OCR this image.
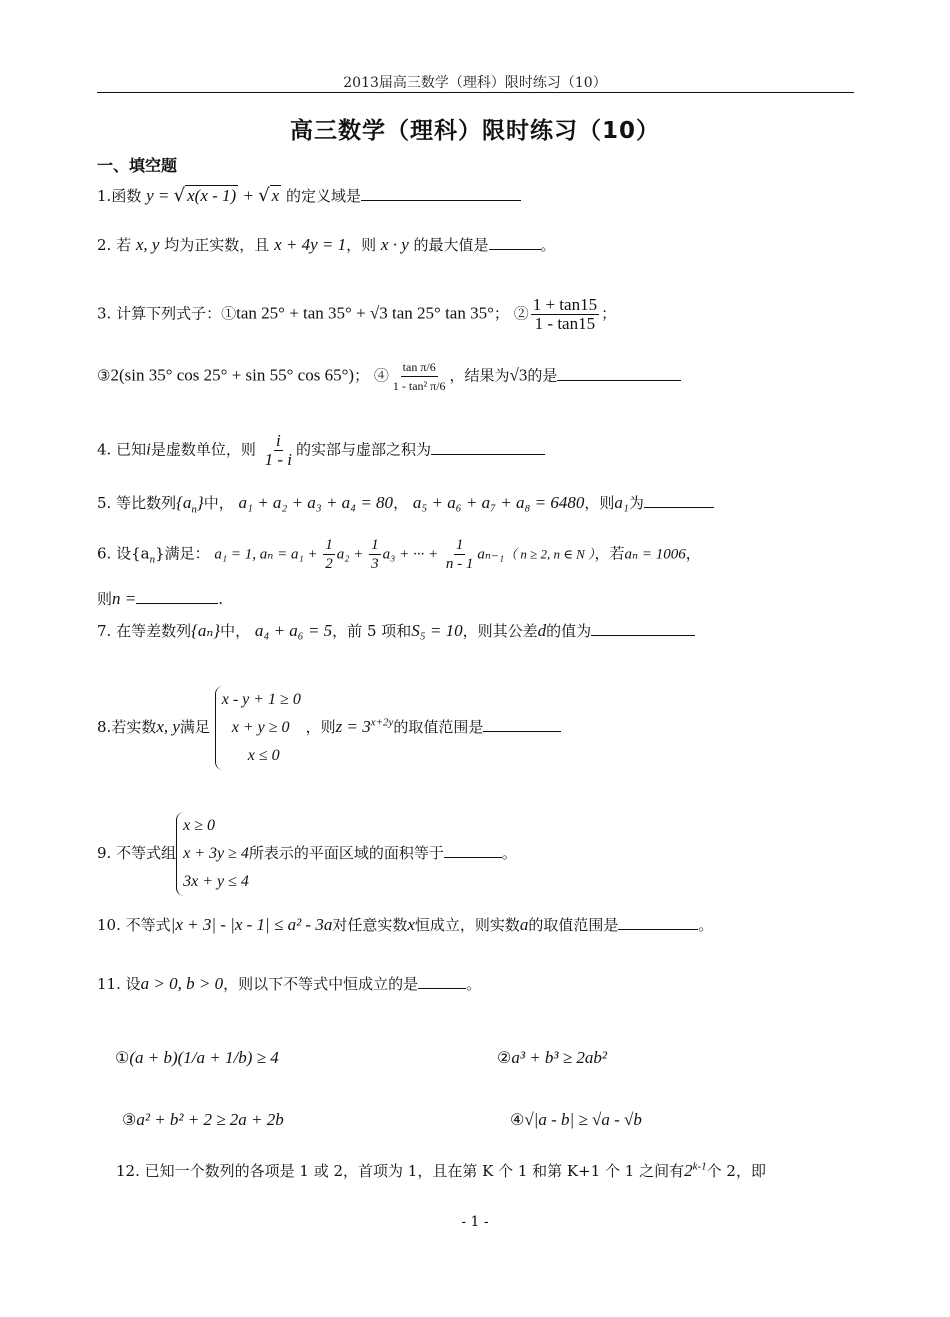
2013届高三数学（理科）限时练习（10）
高三数学（理科）限时练习（10）
一、填空题
1.函数 y = √ x(x - 1) + √ x 的定义域是
2. 若 x, y 均为正实数，且 x + 4y = 1，则 x · y 的最大值是	。
3. 计算下列式子：①tan 25° + tan 35° + √3 tan 25° tan 35°； ② $\frac{1 + \tan 15}{1 - \tan 15}$ ；
③2(sin 35° cos 25° + sin 55° cos 65°)； ④ $\frac{\text{tan π/6}}{\text{1 - tan² π/6}}$ ，结果为√3的是
4. 已知i是虚数单位，则 $\frac{i}{1 - i}$ 的实部与虚部之积为
5. 等比数列$\{a_n\}$中， a₁ + a₂ + a₃ + a₄ = 80， a₅ + a₆ + a₇ + a₈ = 6480，则a₁为
6. 设$\{a_n\}$满足： a₁ = 1, $a_n = a_1 + \frac{1}{2} a_2 + \frac{1}{3} a_3$ + ··· + $\frac{1}{n - 1} a_{n-1}$（ n ≥ 2, n ∈ N ），若aₙ = 1006，
则n =	.
7. 在等差数列{aₙ}中， a₄ + a₆ = 5，前 5 项和S₅ = 10，则其公差d的值为
8.若实数x, y满足
x - y + 1 ≥ 0
x + y ≥ 0
x ≤ 0
，则$z = 3^{x+2y}$的取值范围是
9. 不等式组
x ≥ 0
x + 3y ≥ 4
3x + y ≤ 4
所表示的平面区域的面积等于	。
10. 不等式|x + 3| - |x - 1| ≤ a² - 3a对任意实数x恒成立，则实数a的取值范围是	。
11. 设a > 0, b > 0，则以下不等式中恒成立的是	。
①(a + b)(1/a + 1/b) ≥ 4	②a³ + b³ ≥ 2ab²
③a² + b² + 2 ≥ 2a + 2b	④√|a - b| ≥ √a - √b
12. 已知一个数列的各项是 1 或 2，首项为 1，且在第 K 个 1 和第 K+1 个 1 之间有2$^{k-1}$个 2，即
- 1 -
